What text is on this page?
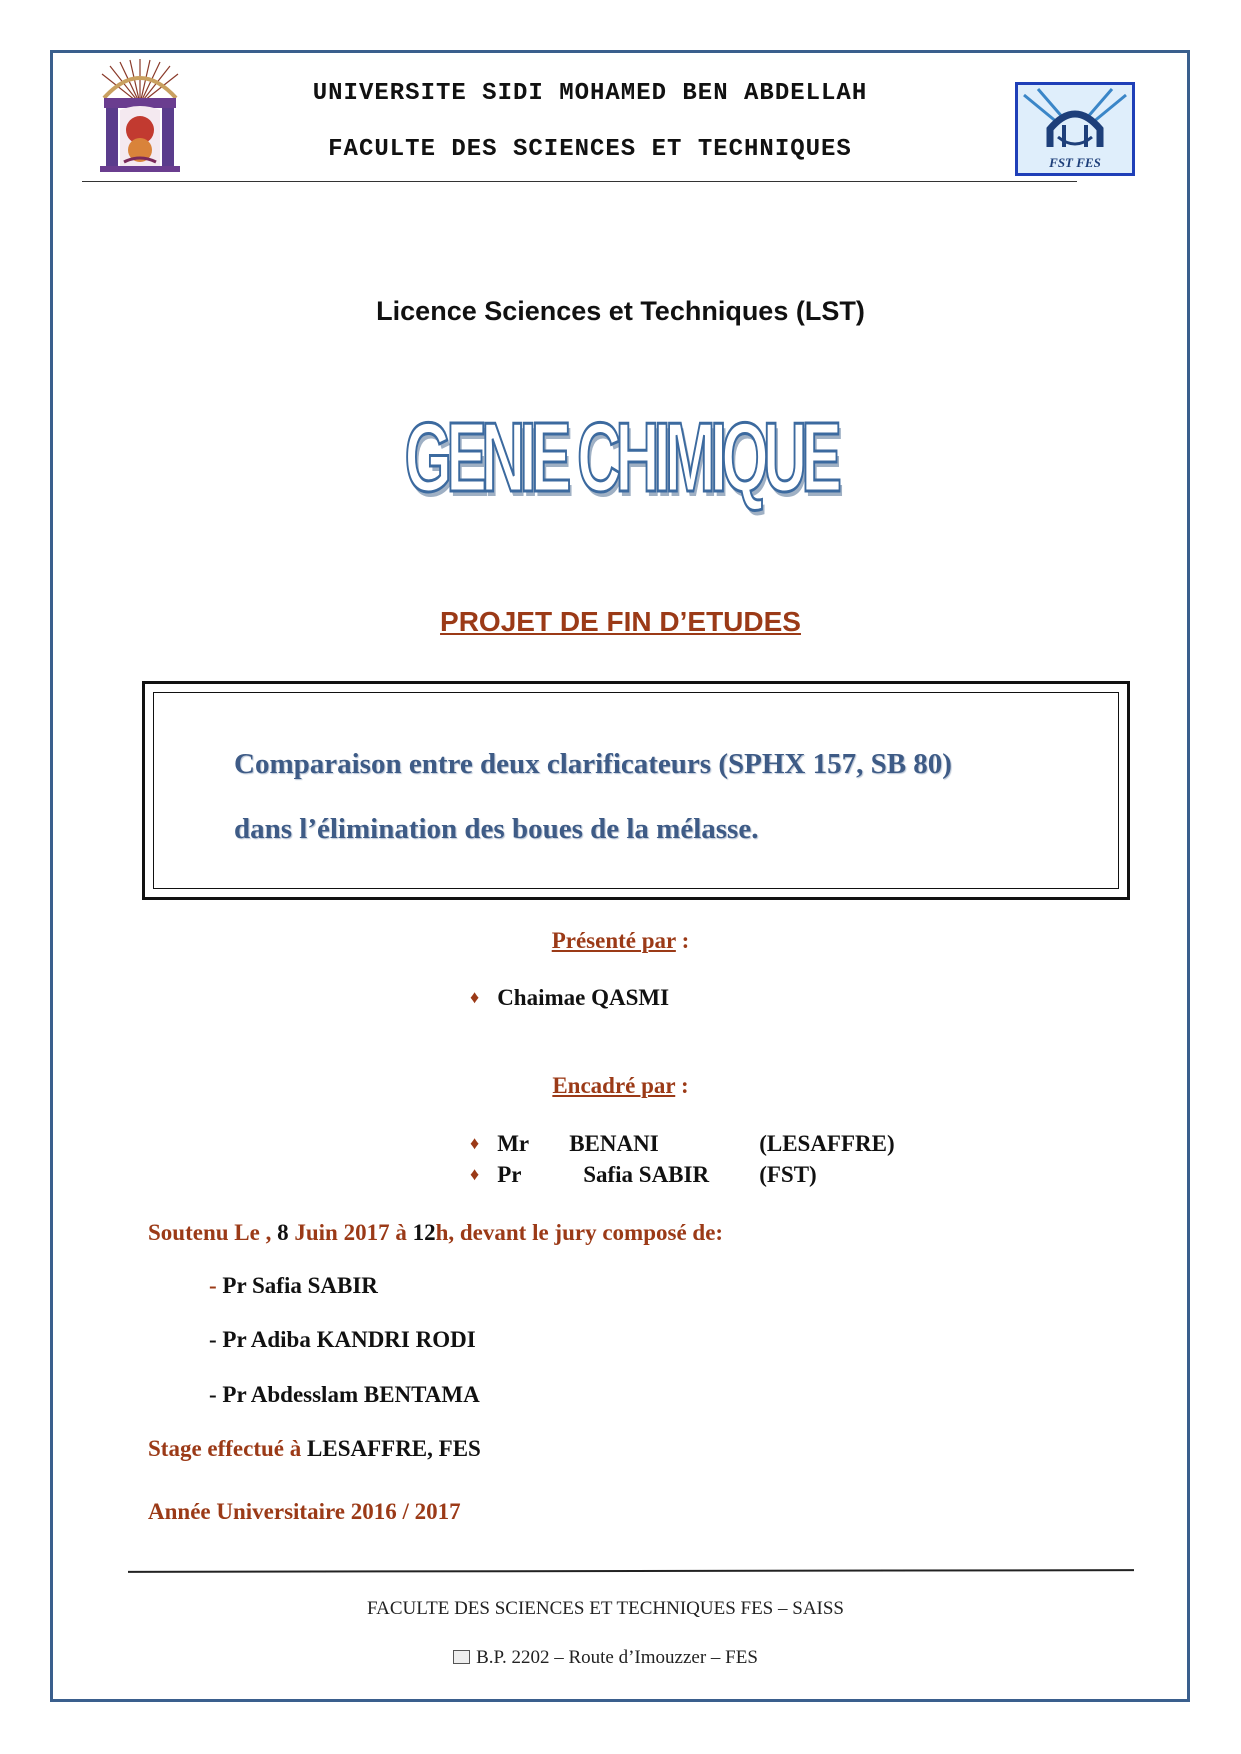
UNIVERSITE SIDI MOHAMED BEN ABDELLAH
FACULTE DES SCIENCES ET TECHNIQUES	FST FES
Licence Sciences et Techniques (LST)
GENIE CHIMIQUE
PROJET DE FIN D’ETUDES
Comparaison entre deux clarificateurs (SPHX 157, SB 80)
dans l’élimination des boues de la mélasse.
Présenté par :
♦ Chaimae QASMI
Encadré par :
♦ Mr BENANI	(LESAFFRE)
♦ Pr	Safia SABIR (FST)
Soutenu Le , 8 Juin 2017 à 12h, devant le jury composé de:
- Pr Safia SABIR
- Pr Adiba KANDRI RODI
- Pr Abdesslam BENTAMA
Stage effectué à LESAFFRE, FES
Année Universitaire 2016 / 2017
FACULTE DES SCIENCES ET TECHNIQUES FES – SAISS
B.P. 2202 – Route d’Imouzzer – FES
